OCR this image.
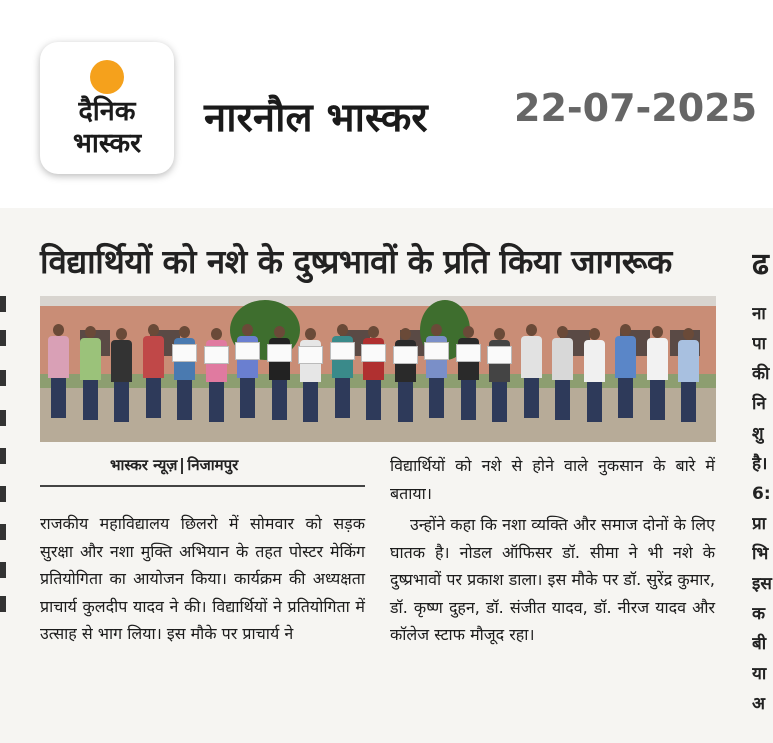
दैनिक
भास्कर
नारनौल भास्कर 22-07-2025
विद्यार्थियों को नशे के दुष्प्रभावों के प्रति किया जागरूक
भास्कर न्यूज़ निजामपुर

राजकीय महाविद्यालय छिलरो में सोमवार को सड़क सुरक्षा और नशा मुक्ति अभियान के तहत पोस्टर मेकिंग प्रतियोगिता का आयोजन किया। कार्यक्रम की अध्यक्षता प्राचार्य कुलदीप यादव ने की। विद्यार्थियों ने प्रतियोगिता में उत्साह से भाग लिया। इस मौके पर प्राचार्य ने

विद्यार्थियों को नशे से होने वाले नुकसान के बारे में बताया।

उन्होंने कहा कि नशा व्यक्ति और समाज दोनों के लिए घातक है। नोडल ऑफिसर डॉ. सीमा ने भी नशे के दुष्प्रभावों पर प्रकाश डाला। इस मौके पर डॉ. सुरेंद्र कुमार, डॉ. कृष्ण दुहन, डॉ. संजीत यादव, डॉ. नीरज यादव और कॉलेज स्टाफ मौजूद रहा।

ढ
ना
पा
की
नि
शु
है।
6:
प्रा
भि
इस
क
बी
या
अ
